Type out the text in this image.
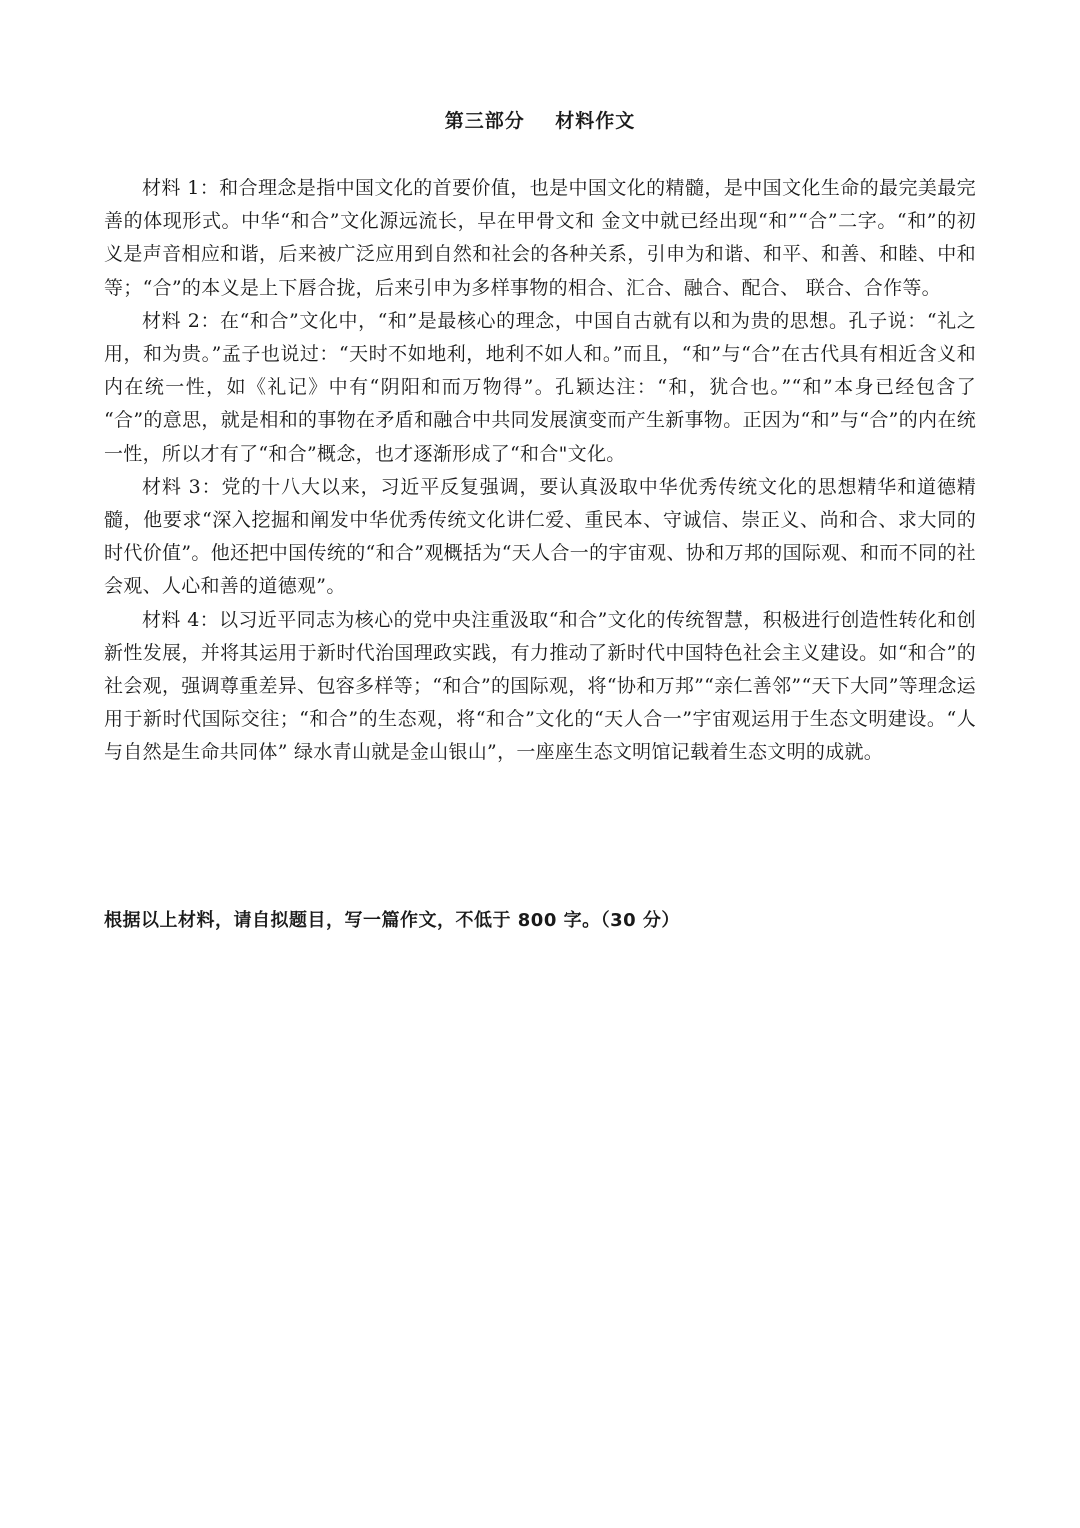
第三部分    材料作文

材料 1：和合理念是指中国文化的首要价值，也是中国文化的精髓，是中国文化生命的最完美最完善的体现形式。中华“和合”文化源远流长，早在甲骨文和 金文中就已经出现“和”“合”二字。“和”的初义是声音相应和谐，后来被广泛应用到自然和社会的各种关系，引申为和谐、和平、和善、和睦、中和等；“合”的本义是上下唇合拢，后来引申为多样事物的相合、汇合、融合、配合、 联合、合作等。

材料 2：在“和合”文化中，“和”是最核心的理念，中国自古就有以和为贵的思想。孔子说：“礼之用，和为贵。”孟子也说过：“天时不如地利，地利不如人和。”而且，“和”与“合”在古代具有相近含义和内在统一性，如《礼记》中有“阴阳和而万物得”。孔颖达注：“和，犹合也。”“和”本身已经包含了 “合”的意思，就是相和的事物在矛盾和融合中共同发展演变而产生新事物。正因为“和”与“合”的内在统一性，所以才有了“和合”概念，也才逐渐形成了“和合"文化。

材料 3：党的十八大以来，习近平反复强调，要认真汲取中华优秀传统文化的思想精华和道德精髓，他要求“深入挖掘和阐发中华优秀传统文化讲仁爱、重民本、守诚信、崇正义、尚和合、求大同的时代价值”。他还把中国传统的“和合”观概括为“天人合一的宇宙观、协和万邦的国际观、和而不同的社会观、人心和善的道德观”。

材料 4：以习近平同志为核心的党中央注重汲取“和合”文化的传统智慧，积极进行创造性转化和创新性发展，并将其运用于新时代治国理政实践，有力推动了新时代中国特色社会主义建设。如“和合”的社会观，强调尊重差异、包容多样等；“和合”的国际观，将“协和万邦”“亲仁善邻”“天下大同”等理念运用于新时代国际交往；“和合”的生态观，将“和合”文化的“天人合一”宇宙观运用于生态文明建设。“人与自然是生命共同体” 绿水青山就是金山银山”，一座座生态文明馆记载着生态文明的成就。

根据以上材料，请自拟题目，写一篇作文，不低于 800 字。（30 分）
